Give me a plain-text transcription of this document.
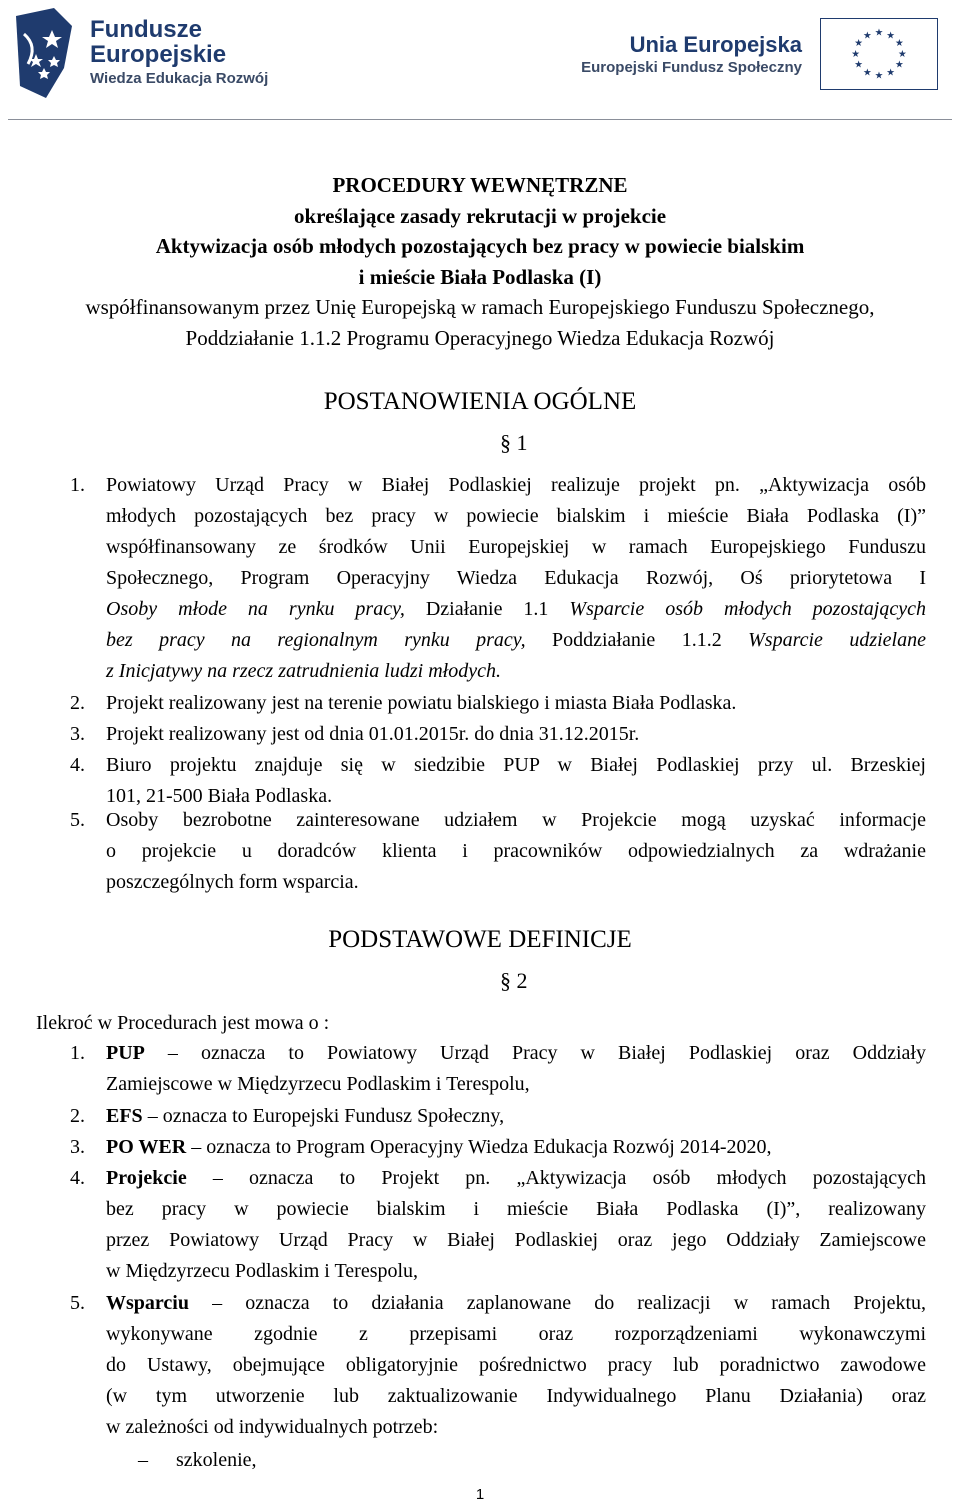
Fundusze
Europejskie
Wiedza Edukacja Rozwój
Unia Europejska
Europejski Fundusz Społeczny
★ ★
★
★
★
★
★
★
★
★
★
★
PROCEDURY WEWNĘTRZNE
określające zasady rekrutacji w projekcie
Aktywizacja osób młodych pozostających bez pracy w powiecie bialskim
i mieście Biała Podlaska (I)
współfinansowanym przez Unię Europejską w ramach Europejskiego Funduszu Społecznego,
Poddziałanie 1.1.2 Programu Operacyjnego Wiedza Edukacja Rozwój
POSTANOWIENIA OGÓLNE
§ 1
1. Powiatowy Urząd Pracy w Białej Podlaskiej realizuje projekt pn. „Aktywizacja osób
młodych pozostających bez pracy w powiecie bialskim i mieście Biała Podlaska (I)”
współfinansowany ze środków Unii Europejskiej w ramach Europejskiego Funduszu
Społecznego, Program Operacyjny Wiedza Edukacja Rozwój, Oś priorytetowa I
Osoby młode na rynku pracy, Działanie 1.1 Wsparcie osób młodych pozostających
bez pracy na regionalnym rynku pracy, Poddziałanie 1.1.2 Wsparcie udzielane
z Inicjatywy na rzecz zatrudnienia ludzi młodych.
2. Projekt realizowany jest na terenie powiatu bialskiego i miasta Biała Podlaska.
3. Projekt realizowany jest od dnia 01.01.2015r. do dnia 31.12.2015r.
4. Biuro projektu znajduje się w siedzibie PUP w Białej Podlaskiej przy ul. Brzeskiej
101, 21-500 Biała Podlaska.
5. Osoby bezrobotne zainteresowane udziałem w Projekcie mogą uzyskać informacje
o projekcie u doradców klienta i pracowników odpowiedzialnych za wdrażanie
poszczególnych form wsparcia.
PODSTAWOWE DEFINICJE
§ 2
Ilekroć w Procedurach jest mowa o :
1. PUP – oznacza to Powiatowy Urząd Pracy w Białej Podlaskiej oraz Oddziały
Zamiejscowe w Międzyrzecu Podlaskim i Terespolu,
2. EFS – oznacza to Europejski Fundusz Społeczny,
3. PO WER – oznacza to Program Operacyjny Wiedza Edukacja Rozwój 2014-2020,
4. Projekcie – oznacza to Projekt pn. „Aktywizacja osób młodych pozostających
bez pracy w powiecie bialskim i mieście Biała Podlaska (I)”, realizowany
przez Powiatowy Urząd Pracy w Białej Podlaskiej oraz jego Oddziały Zamiejscowe
w Międzyrzecu Podlaskim i Terespolu,
5. Wsparciu – oznacza to działania zaplanowane do realizacji w ramach Projektu,
wykonywane zgodnie z przepisami oraz rozporządzeniami wykonawczymi
do Ustawy, obejmujące obligatoryjnie pośrednictwo pracy lub poradnictwo zawodowe
(w tym utworzenie lub zaktualizowanie Indywidualnego Planu Działania) oraz
w zależności od indywidualnych potrzeb:
– szkolenie,
1
